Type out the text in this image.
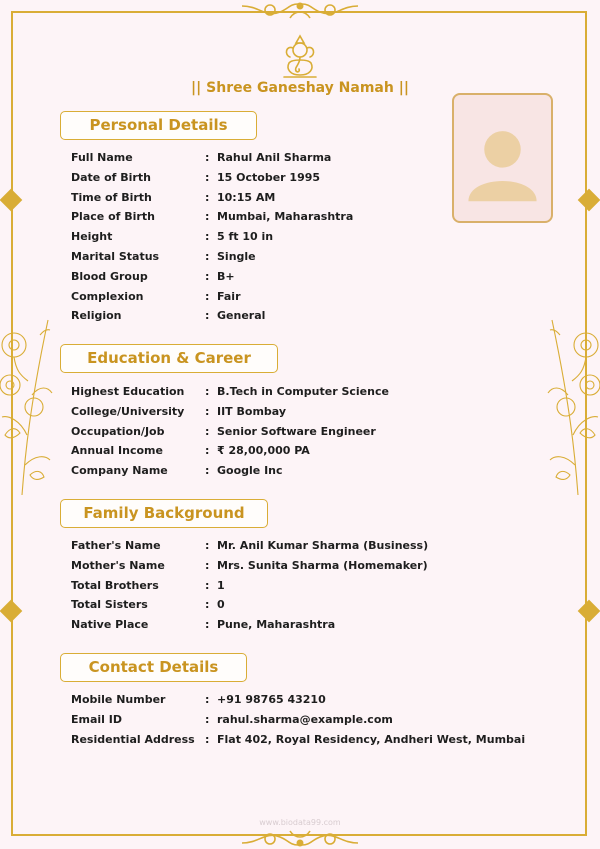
|| Shree Ganeshay Namah ||

Personal Details
Full Name	: Rahul Anil Sharma
Date of Birth	: 15 October 1995
Time of Birth	: 10:15 AM
Place of Birth	: Mumbai, Maharashtra
Height	: 5 ft 10 in
Marital Status	: Single
Blood Group	: B+
Complexion	: Fair
Religion	: General
Education & Career
Highest Education	: B.Tech in Computer Science
College/University	: IIT Bombay
Occupation/Job	: Senior Software Engineer
Annual Income	: ₹ 28,00,000 PA
Company Name	: Google Inc
Family Background
Father's Name	: Mr. Anil Kumar Sharma (Business)
Mother's Name	: Mrs. Sunita Sharma (Homemaker)
Total Brothers	: 1
Total Sisters	: 0
Native Place	: Pune, Maharashtra
Contact Details
Mobile Number	: +91 98765 43210
Email ID	: rahul.sharma@example.com
Residential Address : Flat 402, Royal Residency, Andheri West, Mumbai
www.biodata99.com
